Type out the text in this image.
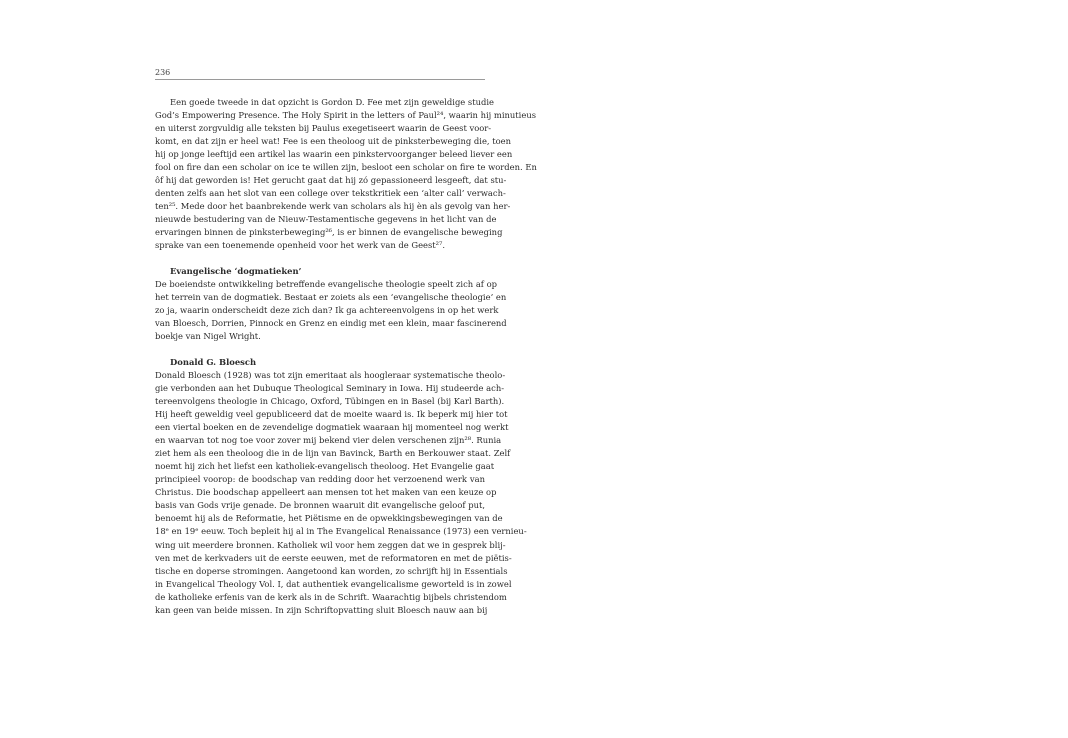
236
Een goede tweede in dat opzicht is Gordon D. Fee met zijn geweldige studie
God’s Empowering Presence. The Holy Spirit in the letters of Paul²⁴, waarin hij minutieus
en uiterst zorgvuldig alle teksten bij Paulus exegetiseert waarin de Geest voor-
komt, en dat zijn er heel wat! Fee is een theoloog uit de pinksterbeweging die, toen
hij op jonge leeftijd een artikel las waarin een pinkstervoorganger beleed liever een
fool on fire dan een scholar on ice te willen zijn, besloot een scholar on fire te worden. En
ôf hij dat geworden is! Het gerucht gaat dat hij zó gepassioneerd lesgeeft, dat stu-
denten zelfs aan het slot van een college over tekstkritiek een ‘alter call’ verwach-
ten²⁵. Mede door het baanbrekende werk van scholars als hij èn als gevolg van her-
nieuwde bestudering van de Nieuw-Testamentische gegevens in het licht van de
ervaringen binnen de pinksterbeweging²⁶, is er binnen de evangelische beweging
sprake van een toenemende openheid voor het werk van de Geest²⁷.
Evangelische ‘dogmatieken’
De boeiendste ontwikkeling betreffende evangelische theologie speelt zich af op
het terrein van de dogmatiek. Bestaat er zoiets als een ‘evangelische theologie’ en
zo ja, waarin onderscheidt deze zich dan? Ik ga achtereenvolgens in op het werk
van Bloesch, Dorrien, Pinnock en Grenz en eindig met een klein, maar fascinerend
boekje van Nigel Wright.
Donald G. Bloesch
Donald Bloesch (1928) was tot zijn emeritaat als hoogleraar systematische theolo-
gie verbonden aan het Dubuque Theological Seminary in Iowa. Hij studeerde ach-
tereenvolgens theologie in Chicago, Oxford, Tübingen en in Basel (bij Karl Barth).
Hij heeft geweldig veel gepubliceerd dat de moeite waard is. Ik beperk mij hier tot
een viertal boeken en de zevendelige dogmatiek waaraan hij momenteel nog werkt
en waarvan tot nog toe voor zover mij bekend vier delen verschenen zijn²⁸. Runia
ziet hem als een theoloog die in de lijn van Bavinck, Barth en Berkouwer staat. Zelf
noemt hij zich het liefst een katholiek-evangelisch theoloog. Het Evangelie gaat
principieel voorop: de boodschap van redding door het verzoenend werk van
Christus. Die boodschap appelleert aan mensen tot het maken van een keuze op
basis van Gods vrije genade. De bronnen waaruit dit evangelische geloof put,
benoemt hij als de Reformatie, het Piëtisme en de opwekkingsbewegingen van de
18ᵉ en 19ᵉ eeuw. Toch bepleit hij al in The Evangelical Renaissance (1973) een vernieu-
wing uit meerdere bronnen. Katholiek wil voor hem zeggen dat we in gesprek blij-
ven met de kerkvaders uit de eerste eeuwen, met de reformatoren en met de piëtis-
tische en doperse stromingen. Aangetoond kan worden, zo schrijft hij in Essentials
in Evangelical Theology Vol. I, dat authentiek evangelicalisme geworteld is in zowel
de katholieke erfenis van de kerk als in de Schrift. Waarachtig bijbels christendom
kan geen van beide missen. In zijn Schriftopvatting sluit Bloesch nauw aan bij
